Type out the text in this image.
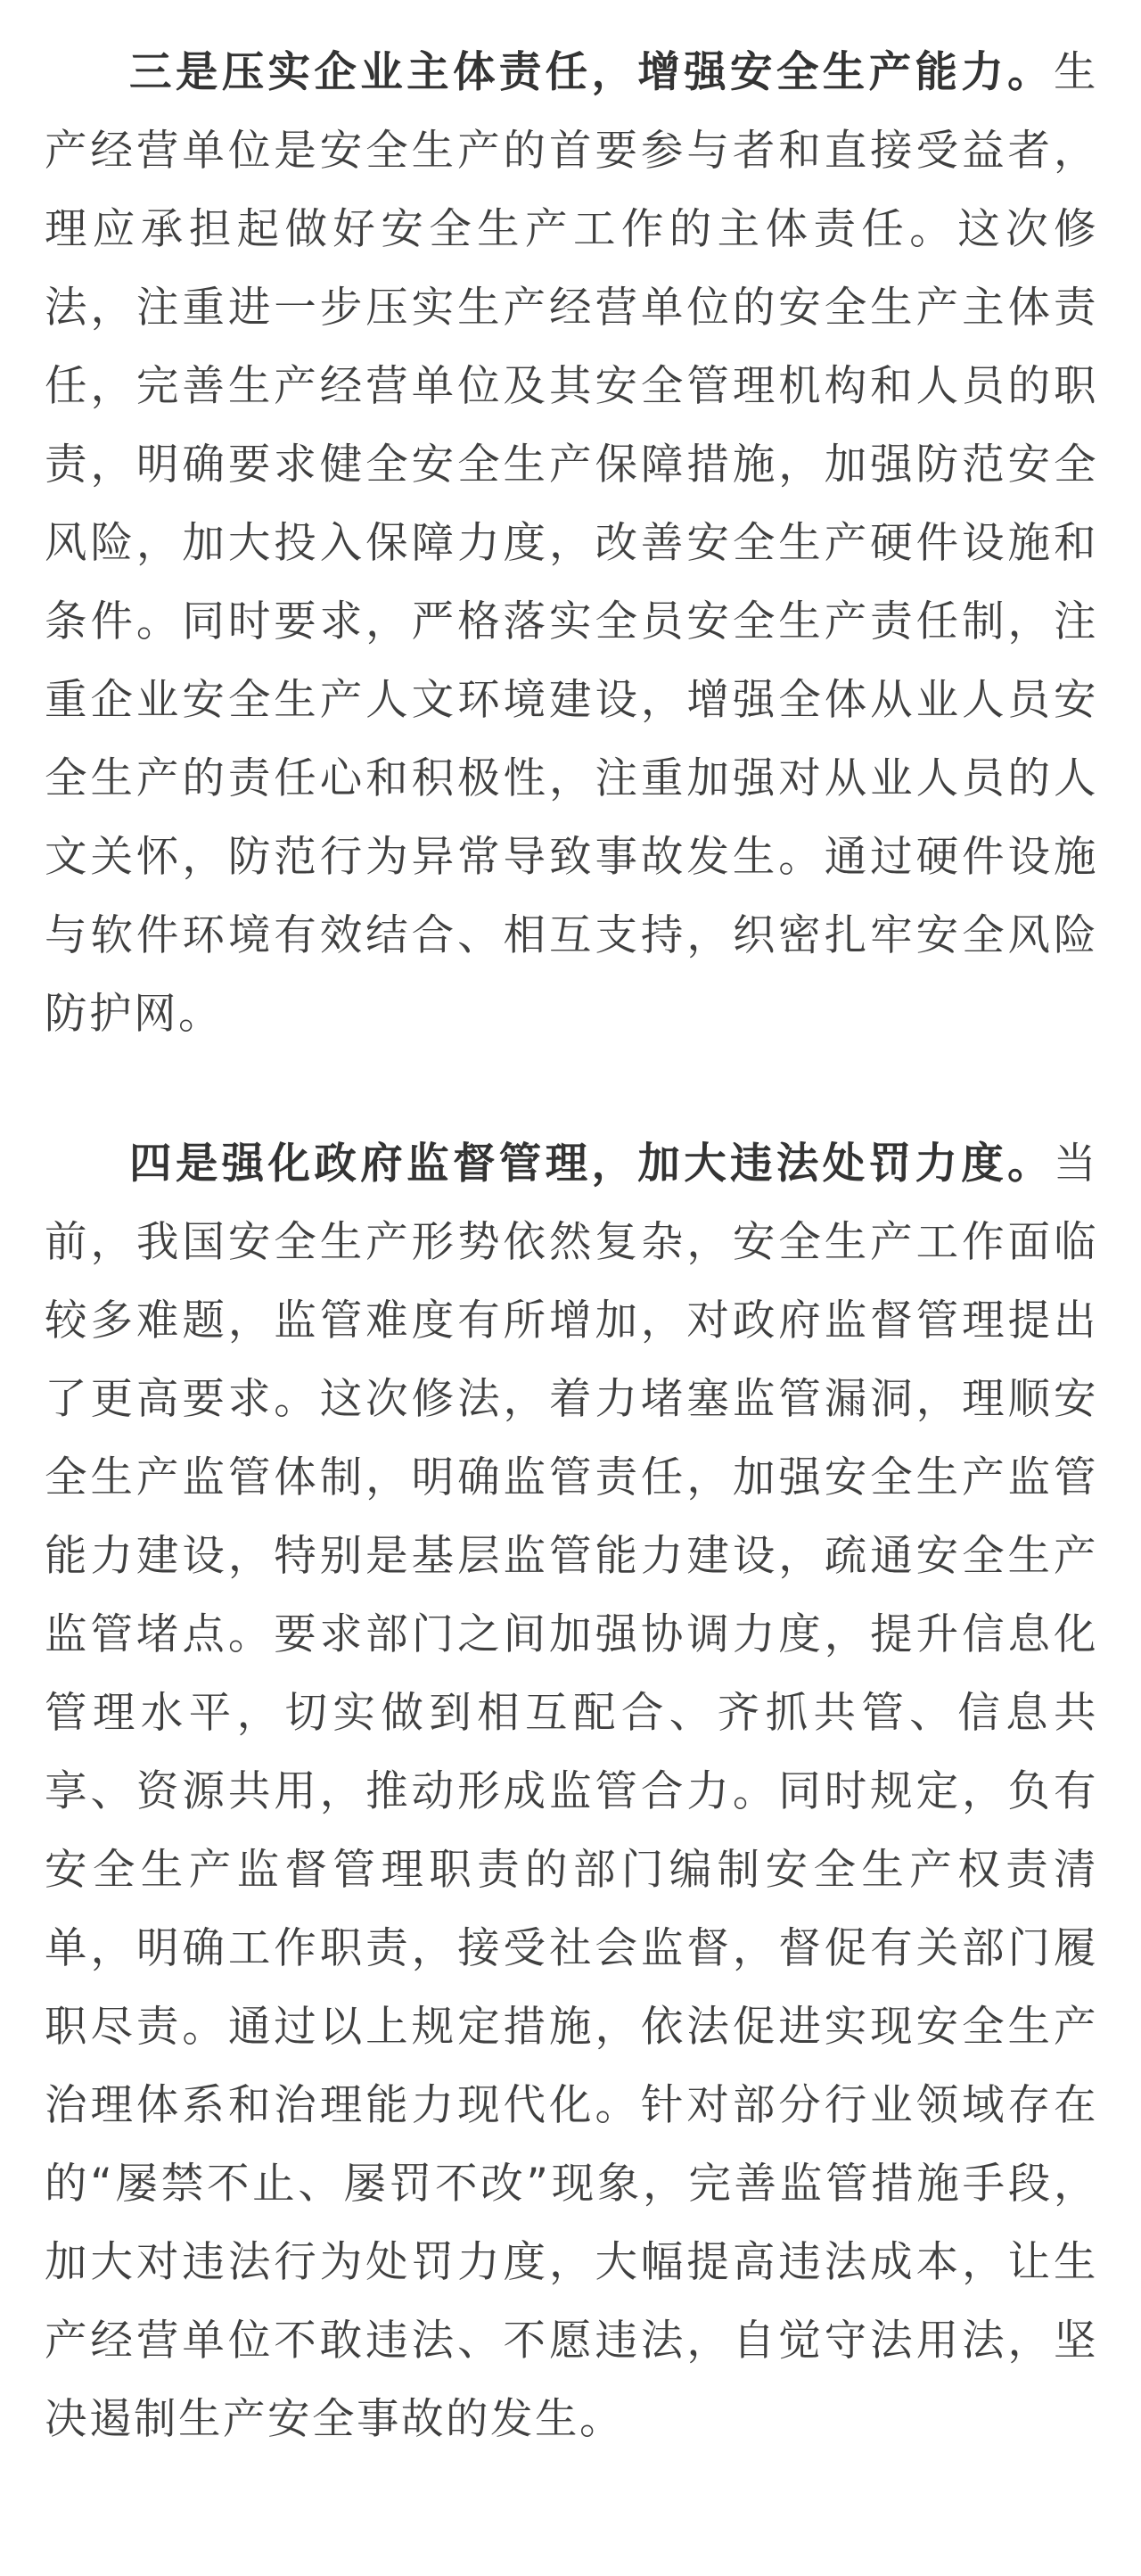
三是压实企业主体责任，增强安全生产能力。生产经营单位是安全生产的首要参与者和直接受益者，理应承担起做好安全生产工作的主体责任。这次修法，注重进一步压实生产经营单位的安全生产主体责任，完善生产经营单位及其安全管理机构和人员的职责，明确要求健全安全生产保障措施，加强防范安全风险，加大投入保障力度，改善安全生产硬件设施和条件。同时要求，严格落实全员安全生产责任制，注重企业安全生产人文环境建设，增强全体从业人员安全生产的责任心和积极性，注重加强对从业人员的人文关怀，防范行为异常导致事故发生。通过硬件设施与软件环境有效结合、相互支持，织密扎牢安全风险防护网。

四是强化政府监督管理，加大违法处罚力度。当前，我国安全生产形势依然复杂，安全生产工作面临较多难题，监管难度有所增加，对政府监督管理提出了更高要求。这次修法，着力堵塞监管漏洞，理顺安全生产监管体制，明确监管责任，加强安全生产监管能力建设，特别是基层监管能力建设，疏通安全生产监管堵点。要求部门之间加强协调力度，提升信息化管理水平，切实做到相互配合、齐抓共管、信息共享、资源共用，推动形成监管合力。同时规定，负有安全生产监督管理职责的部门编制安全生产权责清单，明确工作职责，接受社会监督，督促有关部门履职尽责。通过以上规定措施，依法促进实现安全生产治理体系和治理能力现代化。针对部分行业领域存在的“屡禁不止、屡罚不改”现象，完善监管措施手段，加大对违法行为处罚力度，大幅提高违法成本，让生产经营单位不敢违法、不愿违法，自觉守法用法，坚决遏制生产安全事故的发生。
